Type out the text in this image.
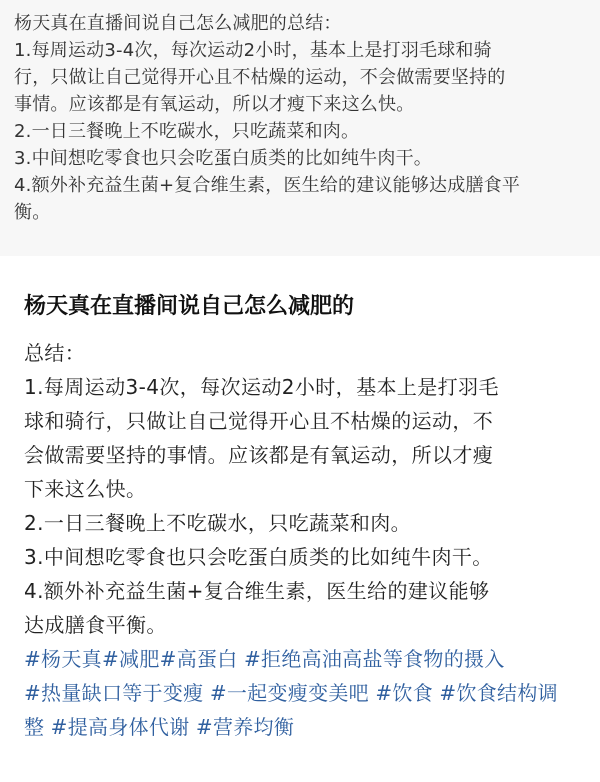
杨天真在直播间说自己怎么减肥的总结：

1.每周运动3-4次，每次运动2小时，基本上是打羽毛球和骑

行，只做让自己觉得开心且不枯燥的运动，不会做需要坚持的

事情。应该都是有氧运动，所以才瘦下来这么快。

2.一日三餐晚上不吃碳水，只吃蔬菜和肉。

3.中间想吃零食也只会吃蛋白质类的比如纯牛肉干。

4.额外补充益生菌+复合维生素，医生给的建议能够达成膳食平

衡。

杨天真在直播间说自己怎么减肥的
总结：
1.每周运动3-4次，每次运动2小时，基本上是打羽毛
球和骑行，只做让自己觉得开心且不枯燥的运动，不
会做需要坚持的事情。应该都是有氧运动，所以才瘦
下来这么快。
2.一日三餐晚上不吃碳水，只吃蔬菜和肉。
3.中间想吃零食也只会吃蛋白质类的比如纯牛肉干。
4.额外补充益生菌+复合维生素，医生给的建议能够
达成膳食平衡。
#杨天真#减肥#高蛋白 #拒绝高油高盐等食物的摄入
#热量缺口等于变瘦 #一起变瘦变美吧 #饮食 #饮食结构调整 #提高身体代谢 #营养均衡
